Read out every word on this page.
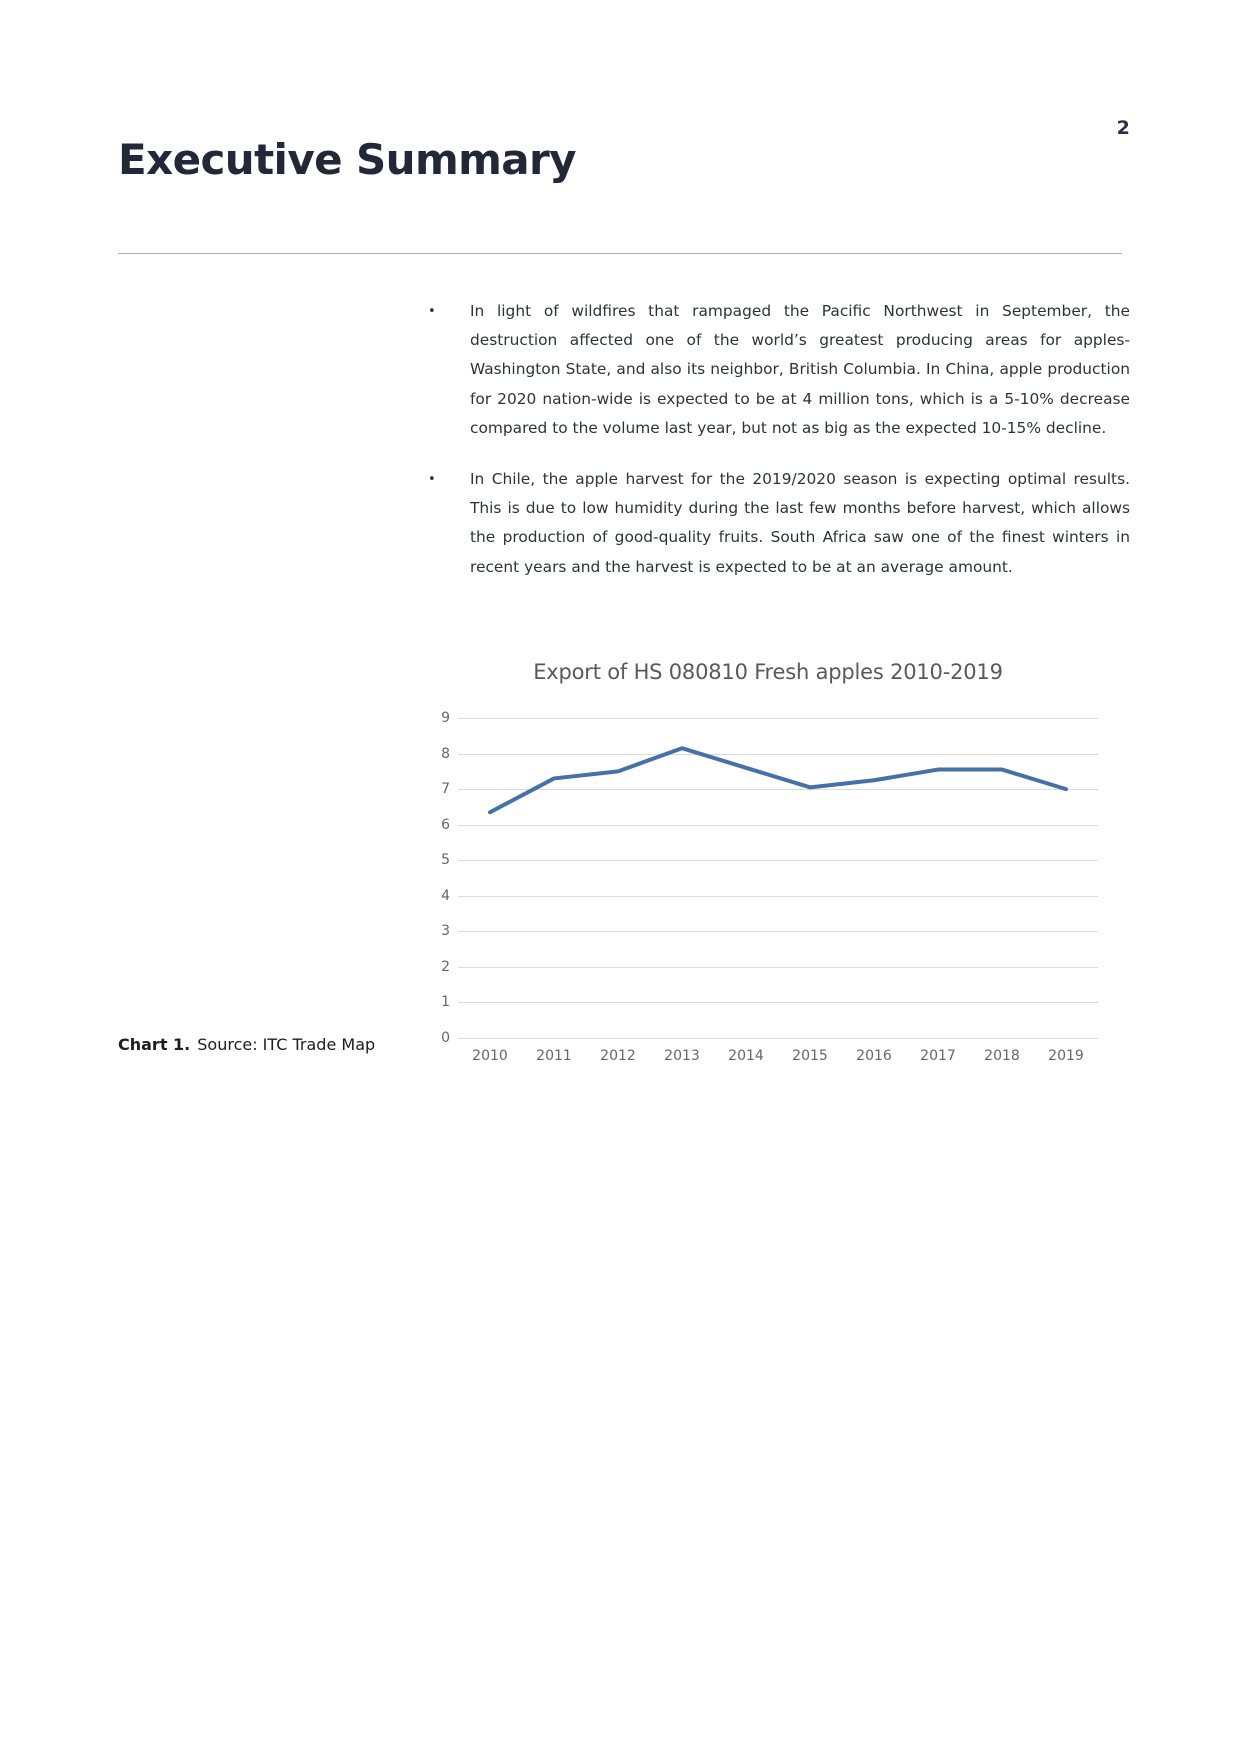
2
Executive Summary
• In light of wildfires that rampaged the Pacific Northwest in September, the destruction affected one of the world’s greatest producing areas for apples-Washington State, and also its neighbor, British Columbia. In China, apple production for 2020 nation-wide is expected to be at 4 million tons, which is a 5-10% decrease compared to the volume last year, but not as big as the expected 10-15% decline.
• In Chile, the apple harvest for the 2019/2020 season is expecting optimal results. This is due to low humidity during the last few months before harvest, which allows the production of good-quality fruits. South Africa saw one of the finest winters in recent years and the harvest is expected to be at an average amount.
Export of HS 080810 Fresh apples 2010-2019
9
8
7
6
5
4
3
2
1
0
2010 2011 2012 2013 2014 2015 2016 2017 2018 2019
Chart 1. Source: ITC Trade Map
